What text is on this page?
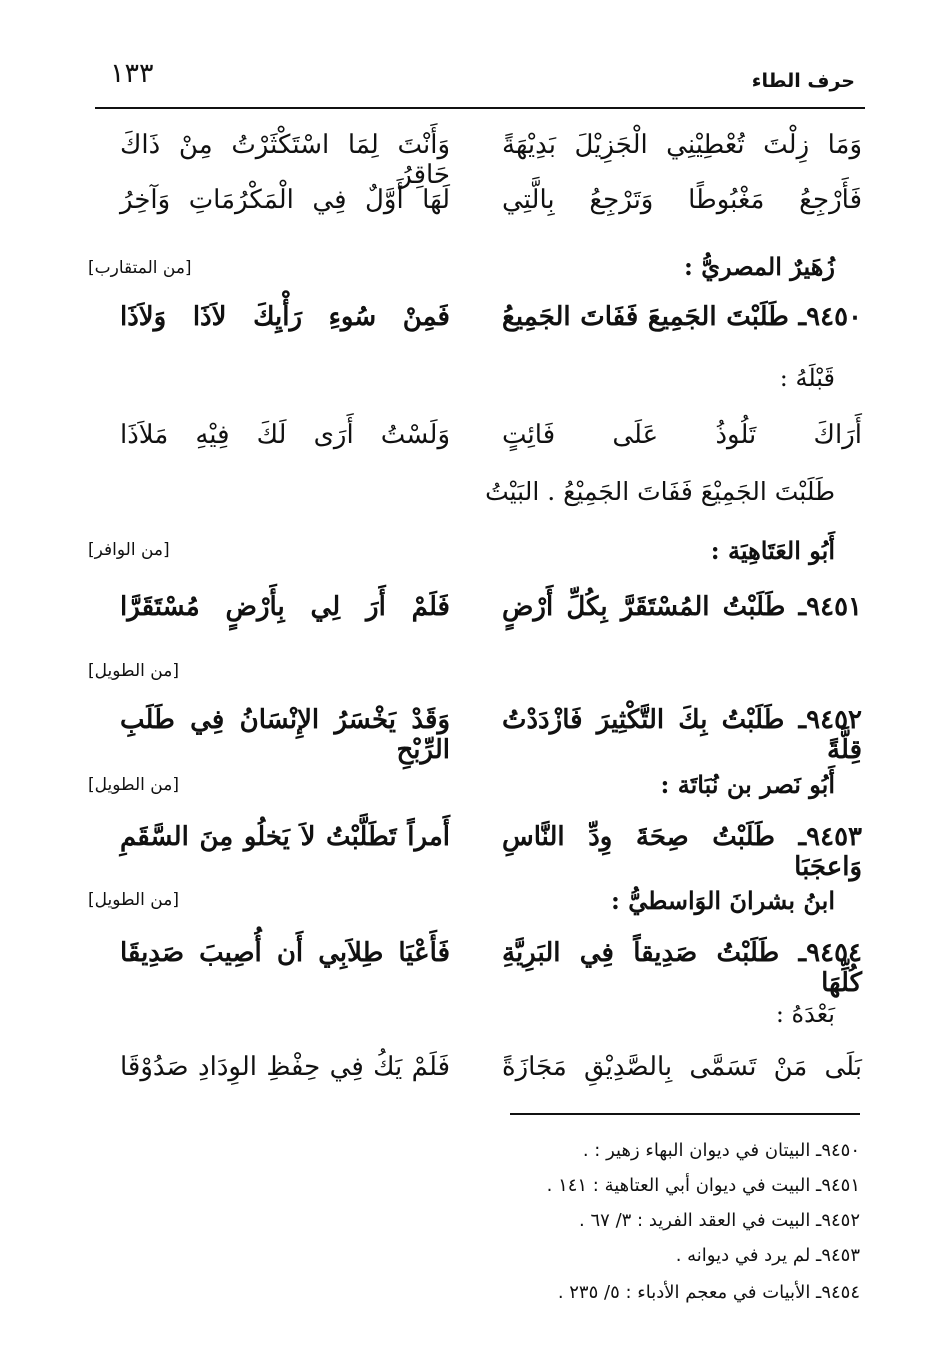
١٣٣	حرف الطاء
وَمَا زِلْتَ تُعْطِيْنِي الْجَزِيْلَ بَدِيْهَةً
وَأَنْتَ لِمَا اسْتَكْثَرْتُ مِنْ ذَاكَ حَاقِرُ
فَأَرْجِعُ مَغْبُوطًا وَتَرْجِعُ بِالَّتِي
لَهَا أَوَّلٌ فِي الْمَكْرُمَاتِ وَآخِرُ
زُهَيرٌ المصريُّ :
[من المتقارب]
٩٤٥٠ـ طَلَبْتَ الجَمِيعَ فَفَاتَ الجَمِيعُ
فَمِنْ سُوءِ رَأْيِكَ لاَذَا وَلاَذَا
قَبْلَهُ :
أَرَاكَ تَلُوذُ عَلَى فَائِتٍ
وَلَسْتُ أَرَى لَكَ فِيْهِ مَلاَذَا
طَلَبْتَ الجَمِيْعَ فَفَاتَ الجَمِيْعُ . البَيْتُ
أَبُو العَتَاهِيَة :
[من الوافر]
٩٤٥١ـ طَلَبْتُ المُسْتَقَرَّ بِكُلِّ أَرْضٍ
فَلَمْ أَرَ لِي بِأَرْضٍ مُسْتَقَرَّا
[من الطويل]
٩٤٥٢ـ طَلَبْتُ بِكَ التَّكْثِيرَ فَازْدَدْتُ قِلَّةً
وَقَدْ يَخْسَرُ الإِنْسَانُ فِي طَلَبِ الرِّبْحِ
أَبُو نَصر بن نُبَاتَة :
[من الطويل]
٩٤٥٣ـ طَلَبْتُ صِحَةَ وِدِّ النَّاسِ وَاعجَبَا
أَمراً تَطَلَّبْتُ لاَ يَخلُو مِنَ السَّقَمِ
ابنُ بشرانَ الوَاسطيُّ :
[من الطويل]
٩٤٥٤ـ طَلَبْتُ صَدِيقاً فِي البَرِيَّةِ كُلِّهَا
فَأَعْيَا طِلاَبِي أَن أُصِيبَ صَدِيقَا
بَعْدَهُ :
بَلَى مَنْ تَسَمَّى بِالصَّدِيْقِ مَجَازَةً
فَلَمْ يَكُ فِي حِفْظِ الوِدَادِ صَدُوْقَا
٩٤٥٠ـ البيتان في ديوان البهاء زهير : .
٩٤٥١ـ البيت في ديوان أبي العتاهية : ١٤١ .
٩٤٥٢ـ البيت في العقد الفريد : ٣/ ٦٧ .
٩٤٥٣ـ لم يرد في ديوانه .
٩٤٥٤ـ الأبيات في معجم الأدباء : ٥/ ٢٣٥ .
